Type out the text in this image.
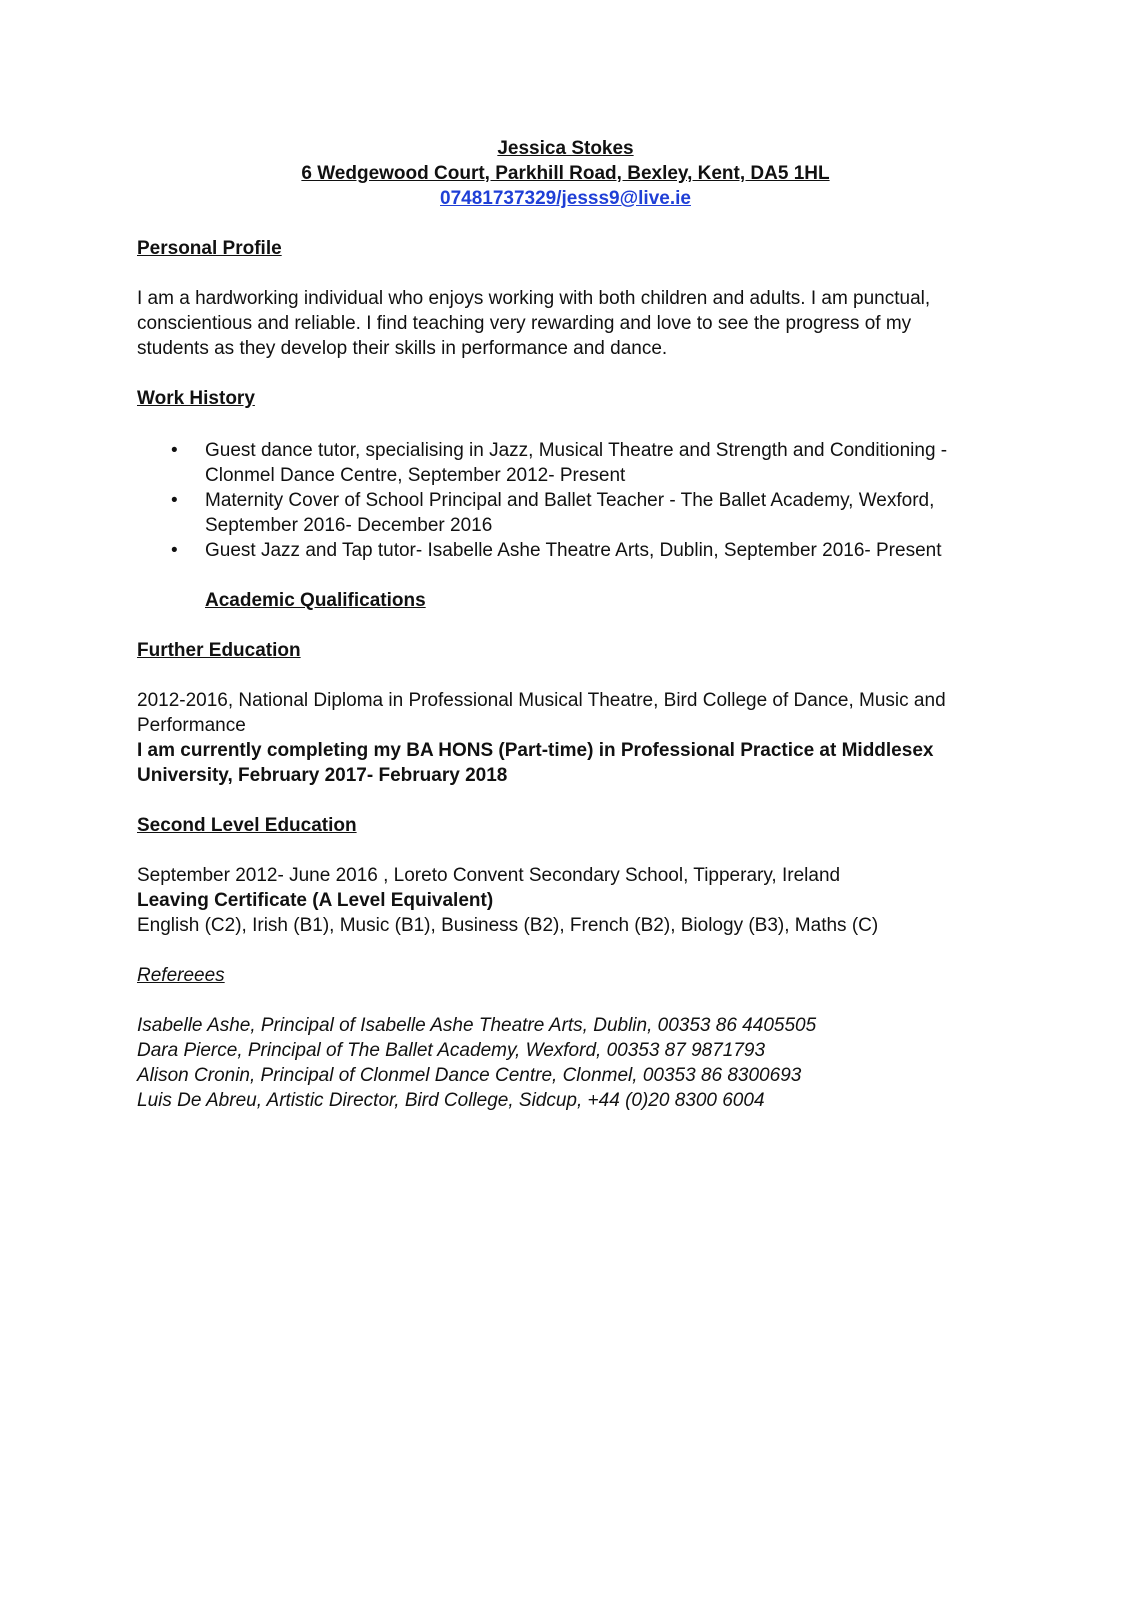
Jessica Stokes
6 Wedgewood Court, Parkhill Road, Bexley, Kent, DA5 1HL
07481737329/jesss9@live.ie

Personal Profile

I am a hardworking individual who enjoys working with both children and adults. I am punctual,

conscientious and reliable. I find teaching very rewarding and love to see the progress of my

students as they develop their skills in performance and dance.

Work History

• Guest dance tutor, specialising in Jazz, Musical Theatre and Strength and Conditioning -
Clonmel Dance Centre, September 2012- Present
• Maternity Cover of School Principal and Ballet Teacher - The Ballet Academy, Wexford,
September 2016- December 2016
• Guest Jazz and Tap tutor- Isabelle Ashe Theatre Arts, Dublin, September 2016- Present

Academic Qualifications

Further Education

2012-2016, National Diploma in Professional Musical Theatre, Bird College of Dance, Music and

Performance

I am currently completing my BA HONS (Part-time) in Professional Practice at Middlesex

University, February 2017- February 2018

Second Level Education

September 2012- June 2016 , Loreto Convent Secondary School, Tipperary, Ireland

Leaving Certificate (A Level Equivalent)

English (C2), Irish (B1), Music (B1), Business (B2), French (B2), Biology (B3), Maths (C)

Refereees

Isabelle Ashe, Principal of Isabelle Ashe Theatre Arts, Dublin, 00353 86 4405505

Dara Pierce, Principal of The Ballet Academy, Wexford, 00353 87 9871793

Alison Cronin, Principal of Clonmel Dance Centre, Clonmel, 00353 86 8300693

Luis De Abreu, Artistic Director, Bird College, Sidcup, +44 (0)20 8300 6004
